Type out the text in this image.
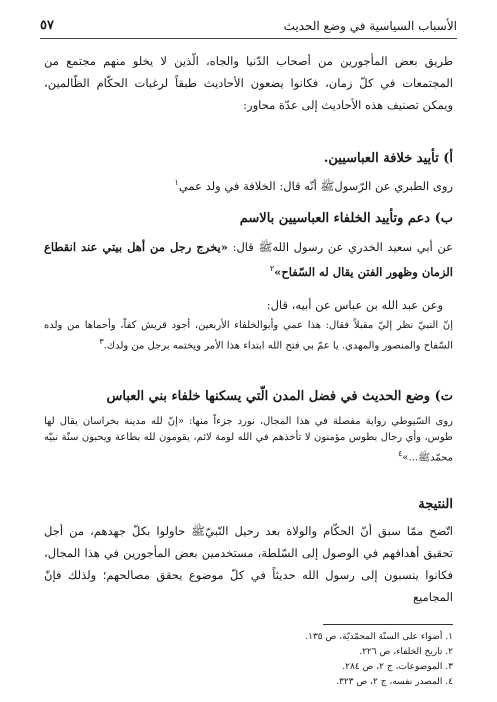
الأسباب السياسية في وضع الحديث
٥٧

طريق بعض المأجورين من أصحاب الدّنيا والجاه، الّذين لا يخلو منهم مجتمع من المجتمعات في كلّ زمان، فكانوا يضعون الأحاديث طبقاً لرغبات الحكّام الظّالمين، ويمكن تصنيف هذه الأحاديث إلى عدّة محاور:

أ) تأييد خلافة العباسيين.

روى الطبري عن الرّسولﷺ أنّه قال: الخلافة في ولد عمي$^١$

ب) دعم وتأييد الخلفاء العباسيين بالاسم

عن أبي سعيد الخدري عن رسول اللهﷺ قال: «يخرج رجل من أهل بيتي عند انقطاع الزمان وظهور الفتن يقال له السّفاح»$^٢$

وعن عبد الله بن عباس عن أبيه، قال:

إنّ النبيّ نظر إليّ مقبلاً فقال: هذا عمي وأبوالخلفاء الأربعين، أجود قريش كفاً، وأحماها من ولده السّفاح والمنصور والمهدي. يا عمّ بي فتح الله ابتداء هذا الأمر ويختمه برجل من ولدك.$^٣$

ت) وضع الحديث في فضل المدن الّتي يسكنها خلفاء بني العباس

روى السّيوطي رواية مفصلة في هذا المجال، نورد جزءاً منها: «إنّ لله مدينة بخراسان يقال لها طوس، وأي رجال بطوس مؤمنون لا تأخذهم في الله لومة لائم، يقومون لله بطاعة ويحبون سنّة نبيّه محمّدﷺ...»$^٤$

النتيجة

اتّضح ممّا سبق أنّ الحكّام والولاة بعد رحيل النّبيّﷺ حاولوا بكلّ جهدهم، من أجل تحقيق أهدافهم في الوصول إلى السّلطة، مستخدمين بعض المأجورين في هذا المجال، فكانوا ينسبون إلى رسول الله حديثاً في كلّ موضوع يحقق مصالحهم؛ ولذلك فإنّ المجاميع

١. أضواء على السنّة المحمّديّة، ص ١٣٥.
٢. تاريخ الخلفاء، ص ٢٢٦.
٣. الموضوعات، ج ٢، ص ٢٨٤.
٤. المصدر نفسه، ج ٢، ص ٣٢٣.
